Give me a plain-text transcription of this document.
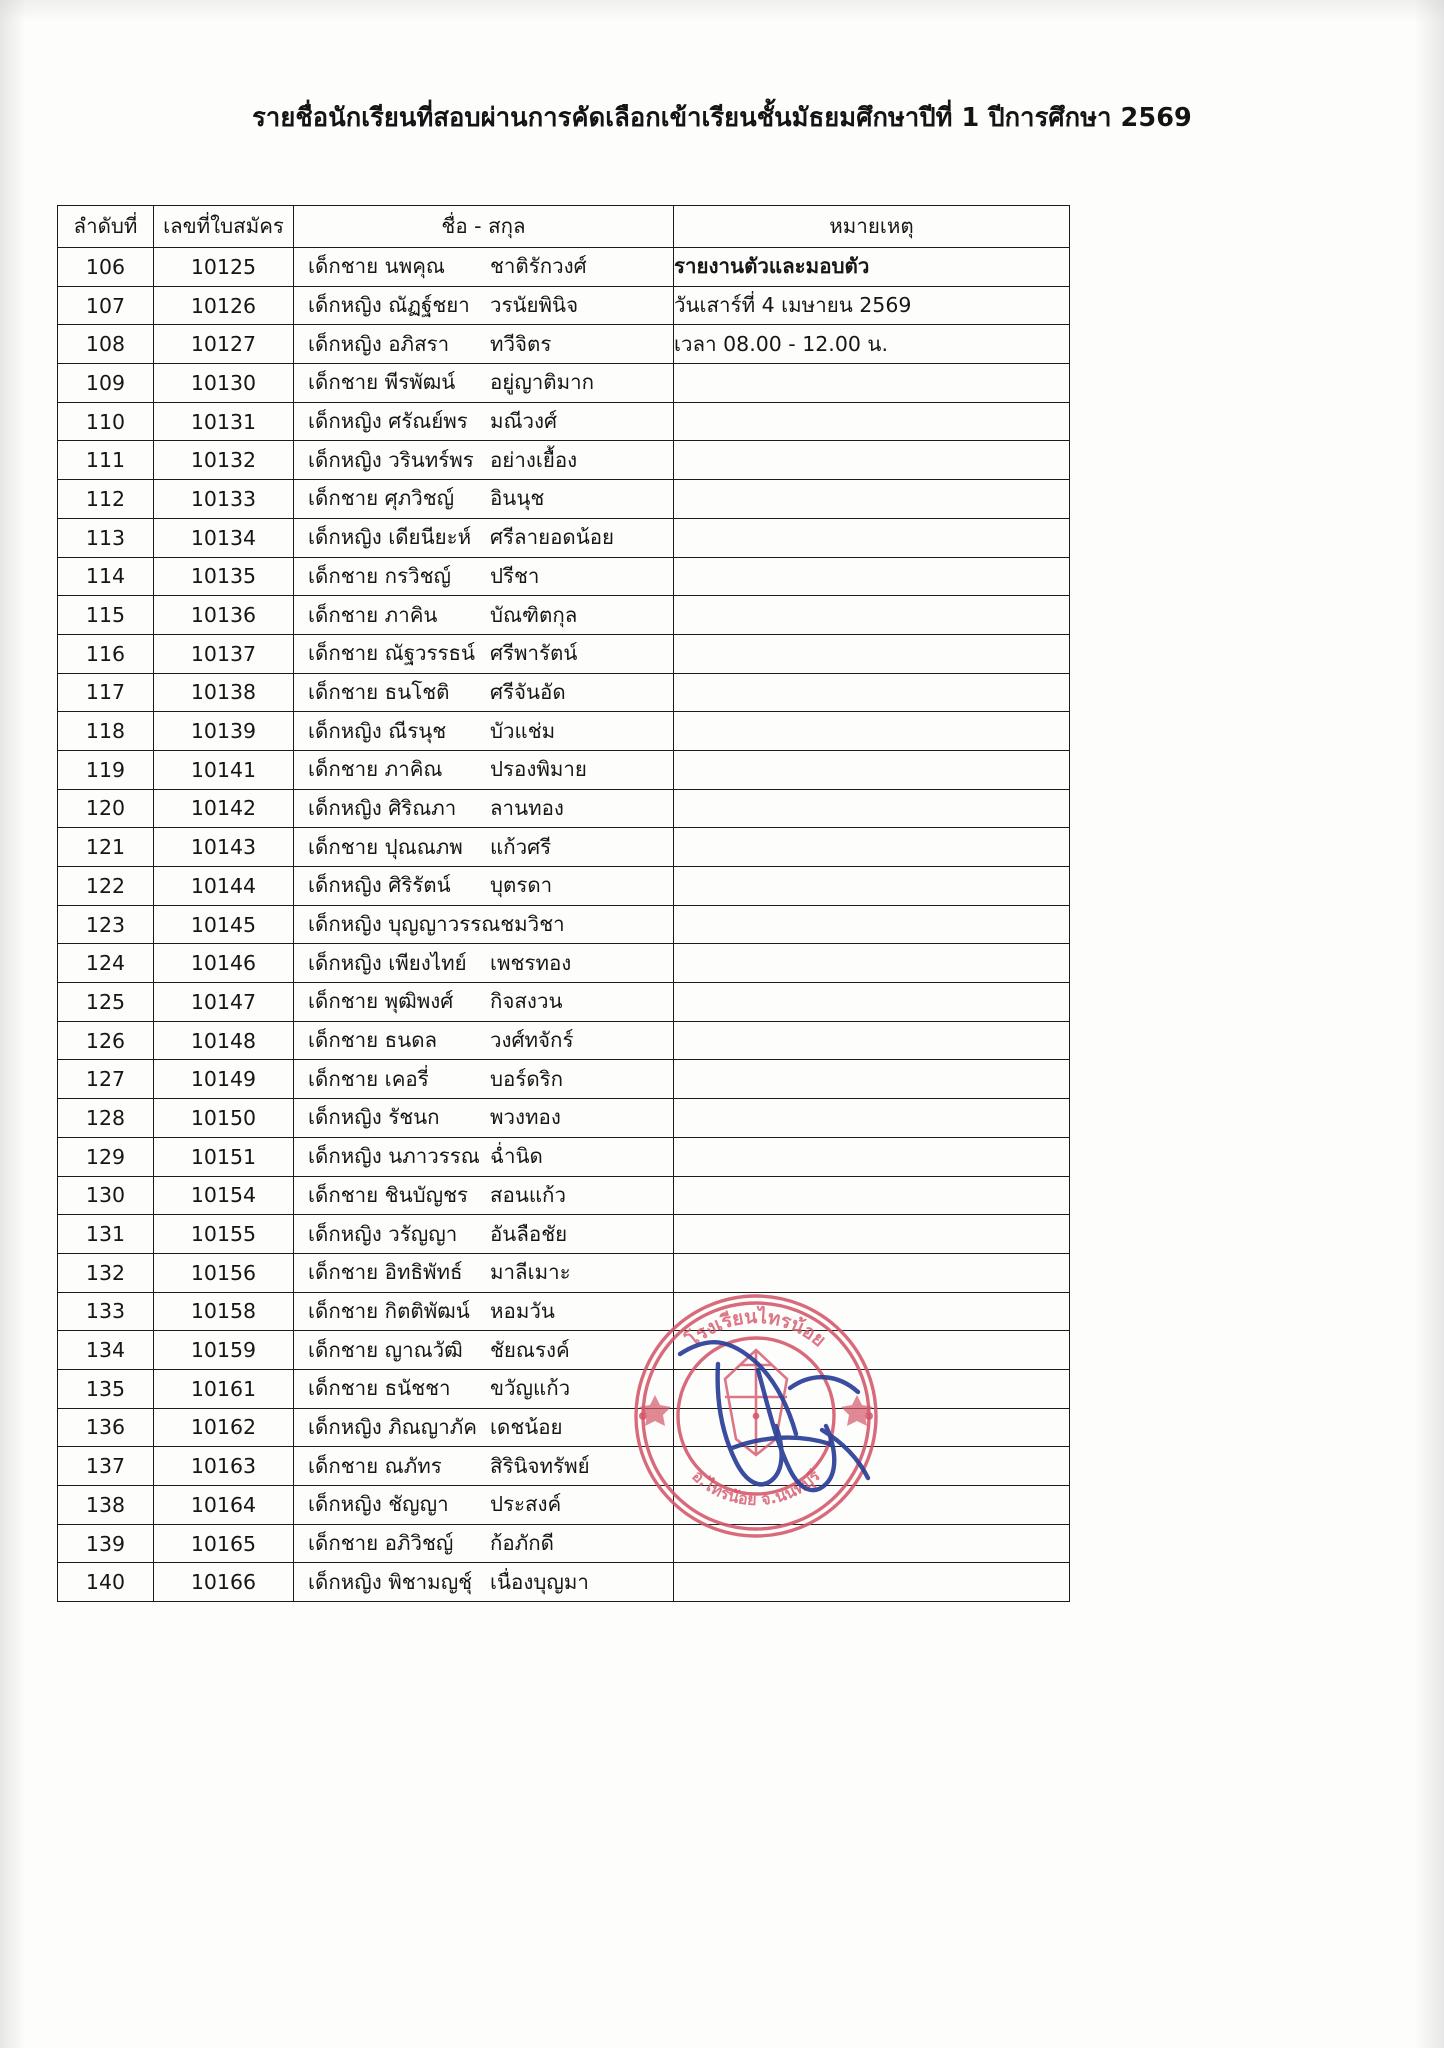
รายชื่อนักเรียนที่สอบผ่านการคัดเลือกเข้าเรียนชั้นมัธยมศึกษาปีที่ 1 ปีการศึกษา 2569
ลำดับที่	เลขที่ใบสมัคร	ชื่อ - สกุล	หมายเหตุ
106	10125	เด็กชาย นพคุณ ชาติรักวงศ์	รายงานตัวและมอบตัว
107	10126	เด็กหญิง ณัฏฐ์ชยา วรนัยพินิจ	วันเสาร์ที่ 4 เมษายน 2569
108	10127	เด็กหญิง อภิสรา ทวีจิตร	เวลา 08.00 - 12.00 น.
109	10130	เด็กชาย พีรพัฒน์ อยู่ญาติมาก	

110	10131	เด็กหญิง ศรัณย์พร มณีวงศ์	

111	10132	เด็กหญิง วรินทร์พร อย่างเยื้อง	

112	10133	เด็กชาย ศุภวิชญ์ อินนุช	

113	10134	เด็กหญิง เดียนียะห์ ศรีลายอดน้อย	

114	10135	เด็กชาย กรวิชญ์ ปรีชา	

115	10136	เด็กชาย ภาคิน บัณฑิตกุล	

116	10137	เด็กชาย ณัฐวรรธน์ ศรีพารัตน์	

117	10138	เด็กชาย ธนโชติ ศรีจันอัด	

118	10139	เด็กหญิง ณีรนุช บัวแช่ม	

119	10141	เด็กชาย ภาคิณ ปรองพิมาย	

120	10142	เด็กหญิง ศิริณภา ลานทอง	

121	10143	เด็กชาย ปุณณภพ แก้วศรี	

122	10144	เด็กหญิง ศิริรัตน์ บุตรดา	

123	10145	เด็กหญิง บุญญาวรรณ ชมวิชา	

124	10146	เด็กหญิง เพียงไทย์ เพชรทอง	

125	10147	เด็กชาย พุฒิพงศ์ กิจสงวน	

126	10148	เด็กชาย ธนดล วงศ์ทจักร์	

127	10149	เด็กชาย เคอรี่ บอร์ดริก	

128	10150	เด็กหญิง รัชนก พวงทอง	

129	10151	เด็กหญิง นภาวรรณ ฉ่ำนิด	

130	10154	เด็กชาย ชินบัญชร สอนแก้ว	

131	10155	เด็กหญิง วรัญญา อันลือชัย	

132	10156	เด็กชาย อิทธิพัทธ์ มาลีเมาะ	

133	10158	เด็กชาย กิตติพัฒน์ หอมวัน	

134	10159	เด็กชาย ญาณวัฒิ ชัยณรงค์	

135	10161	เด็กชาย ธนัชชา ขวัญแก้ว	

136	10162	เด็กหญิง ภิณญาภัค เดชน้อย	

137	10163	เด็กชาย ณภัทร สิรินิจทรัพย์	

138	10164	เด็กหญิง ชัญญา ประสงค์	

139	10165	เด็กชาย อภิวิชญ์ ก้อภักดี	

140	10166	เด็กหญิง พิชามญชุ์ เนื่องบุญมา	

โรงเรียนไทรน้อย
อ.ไทรน้อย จ.นนทบุรี
